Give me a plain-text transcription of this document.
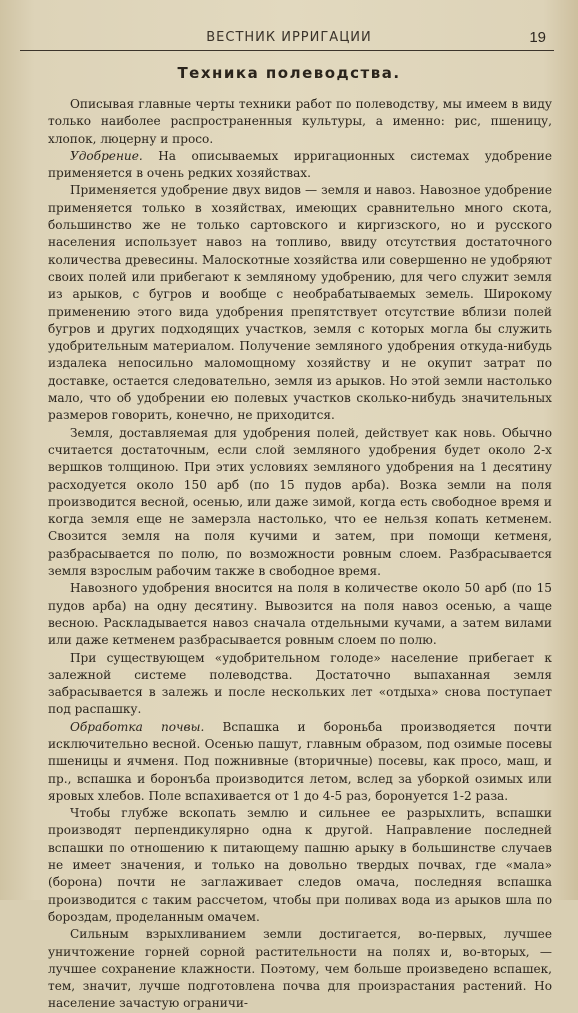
ВЕСТНИК ИРРИГАЦИИ	19
Техника полеводства.

Описывая главные черты техники работ по полеводству, мы имеем в виду только наиболее распространенныя культуры, а именно: рис, пшеницу, хлопок, люцерну и просо.

Удобрение. На описываемых ирригационных системах удобрение применяется в очень редких хозяйствах.

Применяется удобрение двух видов — земля и навоз. Навозное удобрение применяется только в хозяйствах, имеющих сравнительно много скота, большинство же не только сартовского и киргизского, но и русского населения использует навоз на топливо, ввиду отсутствия достаточного количества древесины. Малоскотные хозяйства или совершенно не удобряют своих полей или прибегают к земляному удобрению, для чего служит земля из арыков, с бугров и вообще с необрабатываемых земель. Широкому применению этого вида удобрения препятствует отсутствие вблизи полей бугров и других подходящих участков, земля с которых могла бы служить удобрительным материалом. Получение земляного удобрения откуда-нибудь издалека непосильно маломощному хозяйству и не окупит затрат по доставке, остается следовательно, земля из арыков. Но этой земли настолько мало, что об удобрении ею полевых участков сколько-нибудь значительных размеров говорить, конечно, не приходится.

Земля, доставляемая для удобрения полей, действует как новь. Обычно считается достаточным, если слой земляного удобрения будет около 2-х вершков толщиною. При этих условиях земляного удобрения на 1 десятину расходуется около 150 арб (по 15 пудов арба). Возка земли на поля производится весной, осенью, или даже зимой, когда есть свободное время и когда земля еще не замерзла настолько, что ее нельзя копать кетменем. Свозится земля на поля кучими и затем, при помощи кетменя, разбрасывается по полю, по возможности ровным слоем. Разбрасывается земля взрослым рабочим также в свободное время.

Навозного удобрения вносится на поля в количестве около 50 арб (по 15 пудов арба) на одну десятину. Вывозится на поля навоз осенью, а чаще весною. Раскладывается навоз сначала отдельными кучами, а затем вилами или даже кетменем разбрасывается ровным слоем по полю.

При существующем «удобрительном голоде» население прибегает к залежной системе полеводства. Достаточно выпаханная земля забрасывается в залежь и после нескольких лет «отдыха» снова поступает под распашку.

Обработка почвы. Вспашка и бороньба производяется почти исключительно весной. Осенью пашут, главным образом, под озимые посевы пшеницы и ячменя. Под пожнивные (вторичные) посевы, как просо, маш, и пр., вспашка и боронъба производится летом, вслед за уборкой озимых или яровых хлебов. Поле вспахивается от 1 до 4-5 раз, боронуется 1-2 раза.

Чтобы глубже вскопать землю и сильнее ее разрыхлить, вспашки производят перпендикулярно одна к другой. Направление последней вспашки по отношению к питающему пашню арыку в большинстве случаев не имеет значения, и только на довольно твердых почвах, где «мала» (борона) почти не заглаживает следов омача, последняя вспашка производится с таким рассчетом, чтобы при поливах вода из арыков шла по бороздам, проделанным омачем.

Сильным взрыхливанием земли достигается, во-первых, лучшее уничтожение горней сорной растительности на полях и, во-вторых, — лучшее сохранение клажности. Поэтому, чем больше произведено вспашек, тем, значит, лучше подготовлена почва для произрастания растений. Но население зачастую ограничи-
